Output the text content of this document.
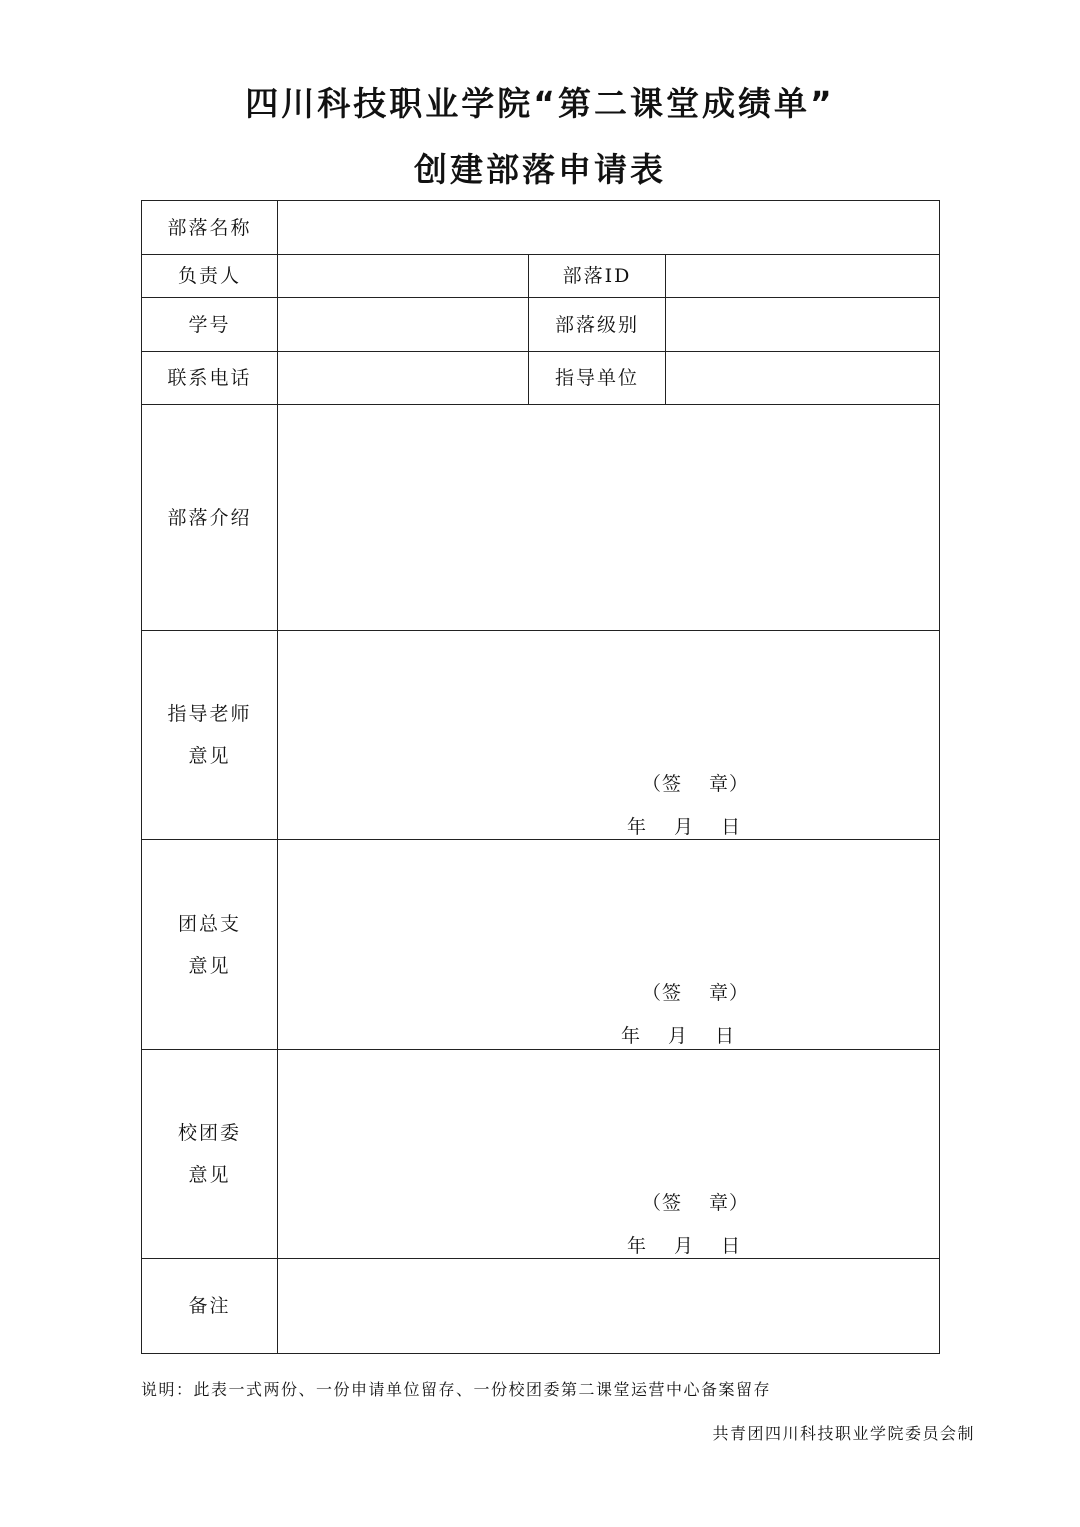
四川科技职业学院“第二课堂成绩单”
创建部落申请表
部落名称			
负责人		部落ID	
学号		部落级别	
联系电话		指导单位	
部落介绍			

指导老师
意见	（签　 章）
年　 月　 日		

团总支
意见	（签　 章）
年　 月　 日		

校团委
意见	（签　 章）
年　 月　 日		

备注			
说明：此表一式两份、一份申请单位留存、一份校团委第二课堂运营中心备案留存
共青团四川科技职业学院委员会制
